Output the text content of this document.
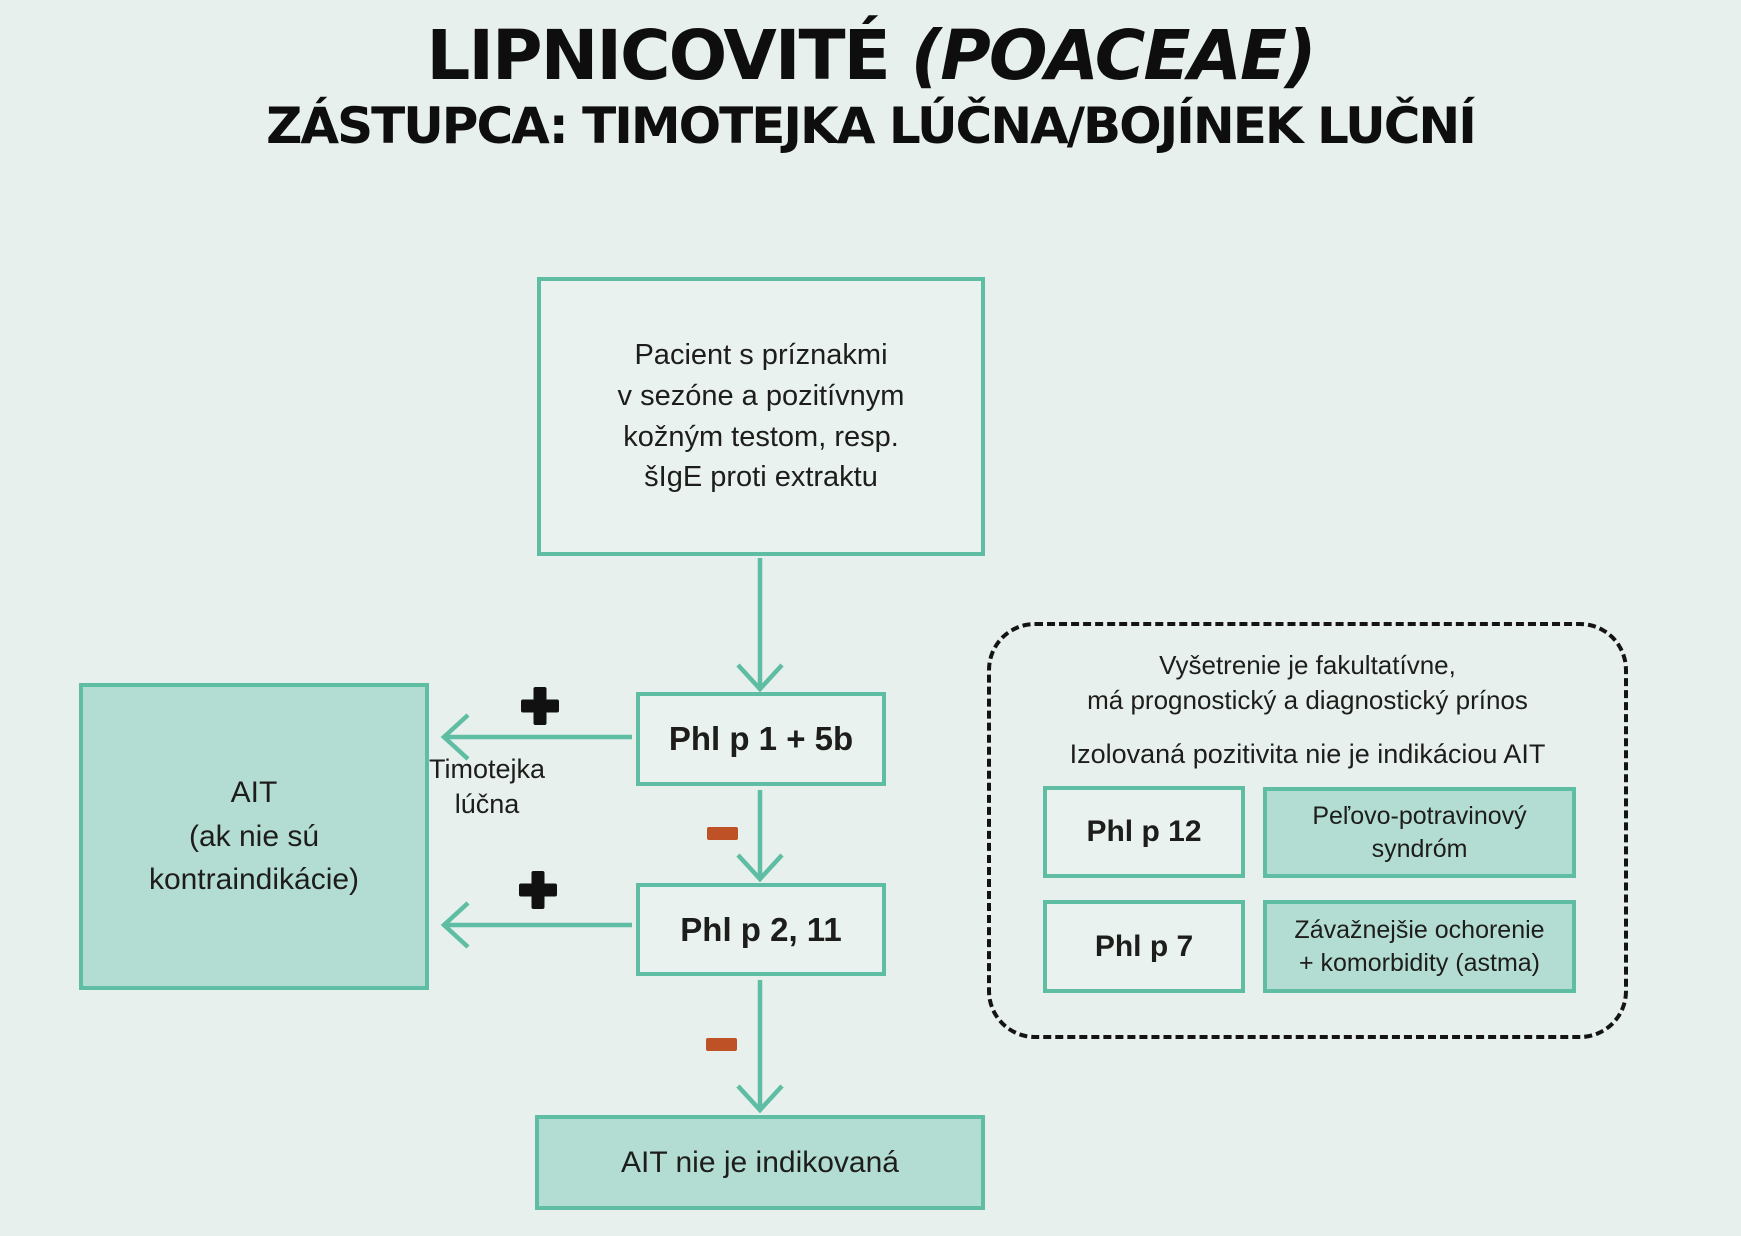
LIPNICOVITÉ (POACEAE)
ZÁSTUPCA: TIMOTEJKA LÚČNA/BOJÍNEK LUČNÍ
Pacient s príznakmi
v sezóne a pozitívnym
kožným testom, resp.
šIgE proti extraktu
Phl p 1 + 5b
Phl p 2, 11
AIT
(ak nie sú
kontraindikácie)
AIT nie je indikovaná
Timotejka
lúčna
Vyšetrenie je fakultatívne,
má prognostický a diagnostický prínos
Izolovaná pozitivita nie je indikáciou AIT
Phl p 12	Peľovo-potravinový
syndróm
Phl p 7	Závažnejšie ochorenie
+ komorbidity (astma)
